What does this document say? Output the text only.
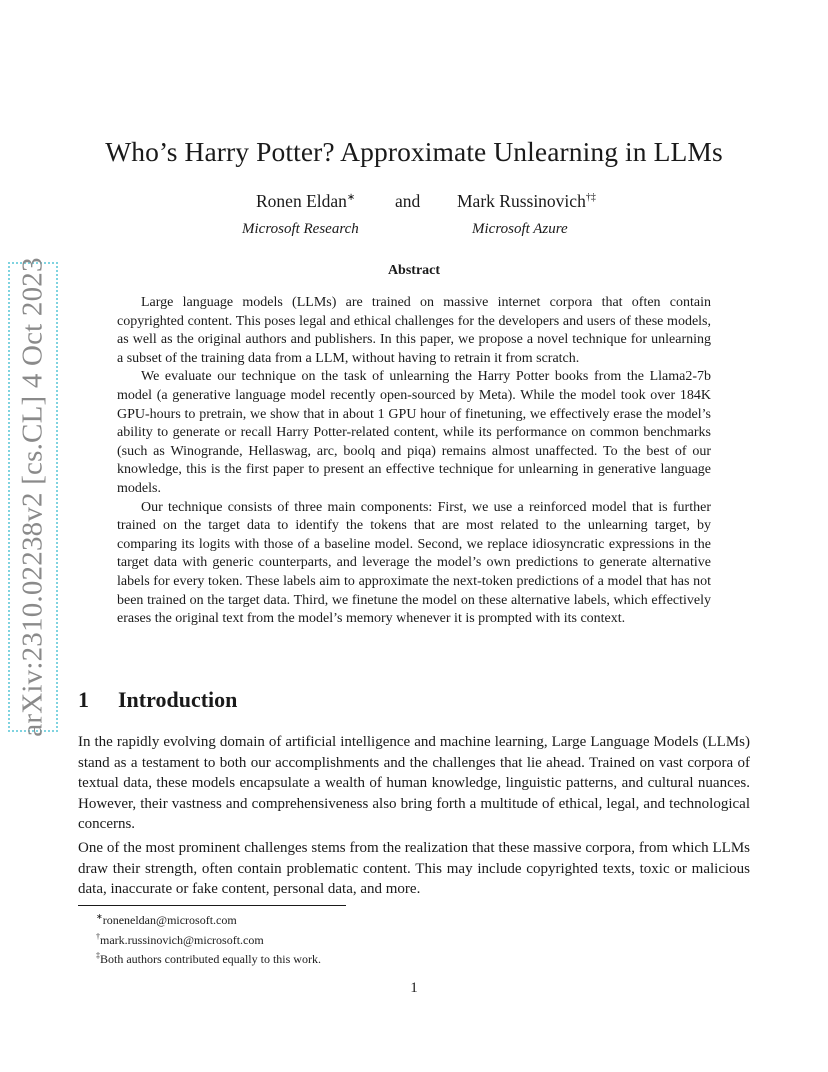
arXiv:2310.02238v2 [cs.CL] 4 Oct 2023
Who’s Harry Potter? Approximate Unlearning in LLMs
Ronen Eldan∗ and Mark Russinovich†‡
Microsoft Research	Microsoft Azure
Abstract

Large language models (LLMs) are trained on massive internet corpora that often contain copyrighted content. This poses legal and ethical challenges for the developers and users of these models, as well as the original authors and publishers. In this paper, we propose a novel technique for unlearning a subset of the training data from a LLM, without having to retrain it from scratch.

We evaluate our technique on the task of unlearning the Harry Potter books from the Llama2-7b model (a generative language model recently open-sourced by Meta). While the model took over 184K GPU-hours to pretrain, we show that in about 1 GPU hour of finetuning, we effectively erase the model’s ability to generate or recall Harry Potter-related content, while its performance on common benchmarks (such as Winogrande, Hellaswag, arc, boolq and piqa) remains almost unaffected. To the best of our knowledge, this is the first paper to present an effective technique for unlearning in generative language models.

Our technique consists of three main components: First, we use a reinforced model that is further trained on the target data to identify the tokens that are most related to the unlearning target, by comparing its logits with those of a baseline model. Second, we replace idiosyncratic expressions in the target data with generic counterparts, and leverage the model’s own predictions to generate alternative labels for every token. These labels aim to approximate the next-token predictions of a model that has not been trained on the target data. Third, we finetune the model on these alternative labels, which effectively erases the original text from the model’s memory whenever it is prompted with its context.

1 Introduction

In the rapidly evolving domain of artificial intelligence and machine learning, Large Language Models (LLMs) stand as a testament to both our accomplishments and the challenges that lie ahead. Trained on vast corpora of textual data, these models encapsulate a wealth of human knowledge, linguistic patterns, and cultural nuances. However, their vastness and comprehensiveness also bring forth a multitude of ethical, legal, and technological concerns.

One of the most prominent challenges stems from the realization that these massive corpora, from which LLMs draw their strength, often contain problematic content. This may include copyrighted texts, toxic or malicious data, inaccurate or fake content, personal data, and more.

∗roneneldan@microsoft.com
†mark.russinovich@microsoft.com
‡Both authors contributed equally to this work.
1
